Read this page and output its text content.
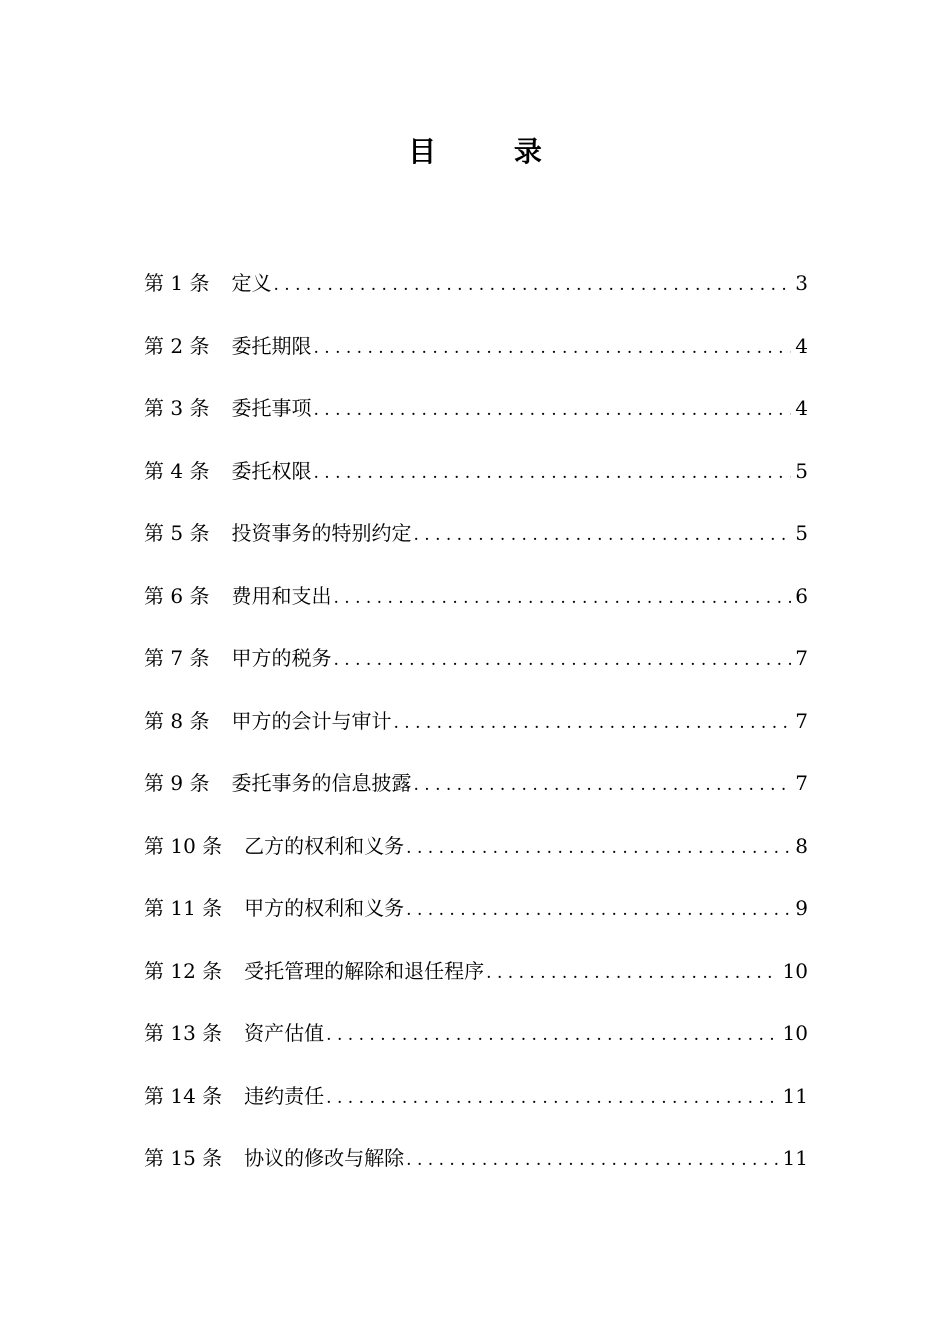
目 录
第 1 条 定义 . . .	3
第 2 条 委托期限 . . .	4
第 3 条 委托事项 . . .	4
第 4 条 委托权限 . . .	5
第 5 条 投资事务的特别约定 . . .	5
第 6 条 费用和支出 . . .	6
第 7 条 甲方的税务 . . .	7
第 8 条 甲方的会计与审计 . . .	7
第 9 条 委托事务的信息披露 . . .	7
第 10 条 乙方的权利和义务 . . .	8
第 11 条 甲方的权利和义务 . . .	9
第 12 条 受托管理的解除和退任程序 . . .	10
第 13 条 资产估值 . . .	10
第 14 条 违约责任 . . .	11
第 15 条 协议的修改与解除 . . .	11
